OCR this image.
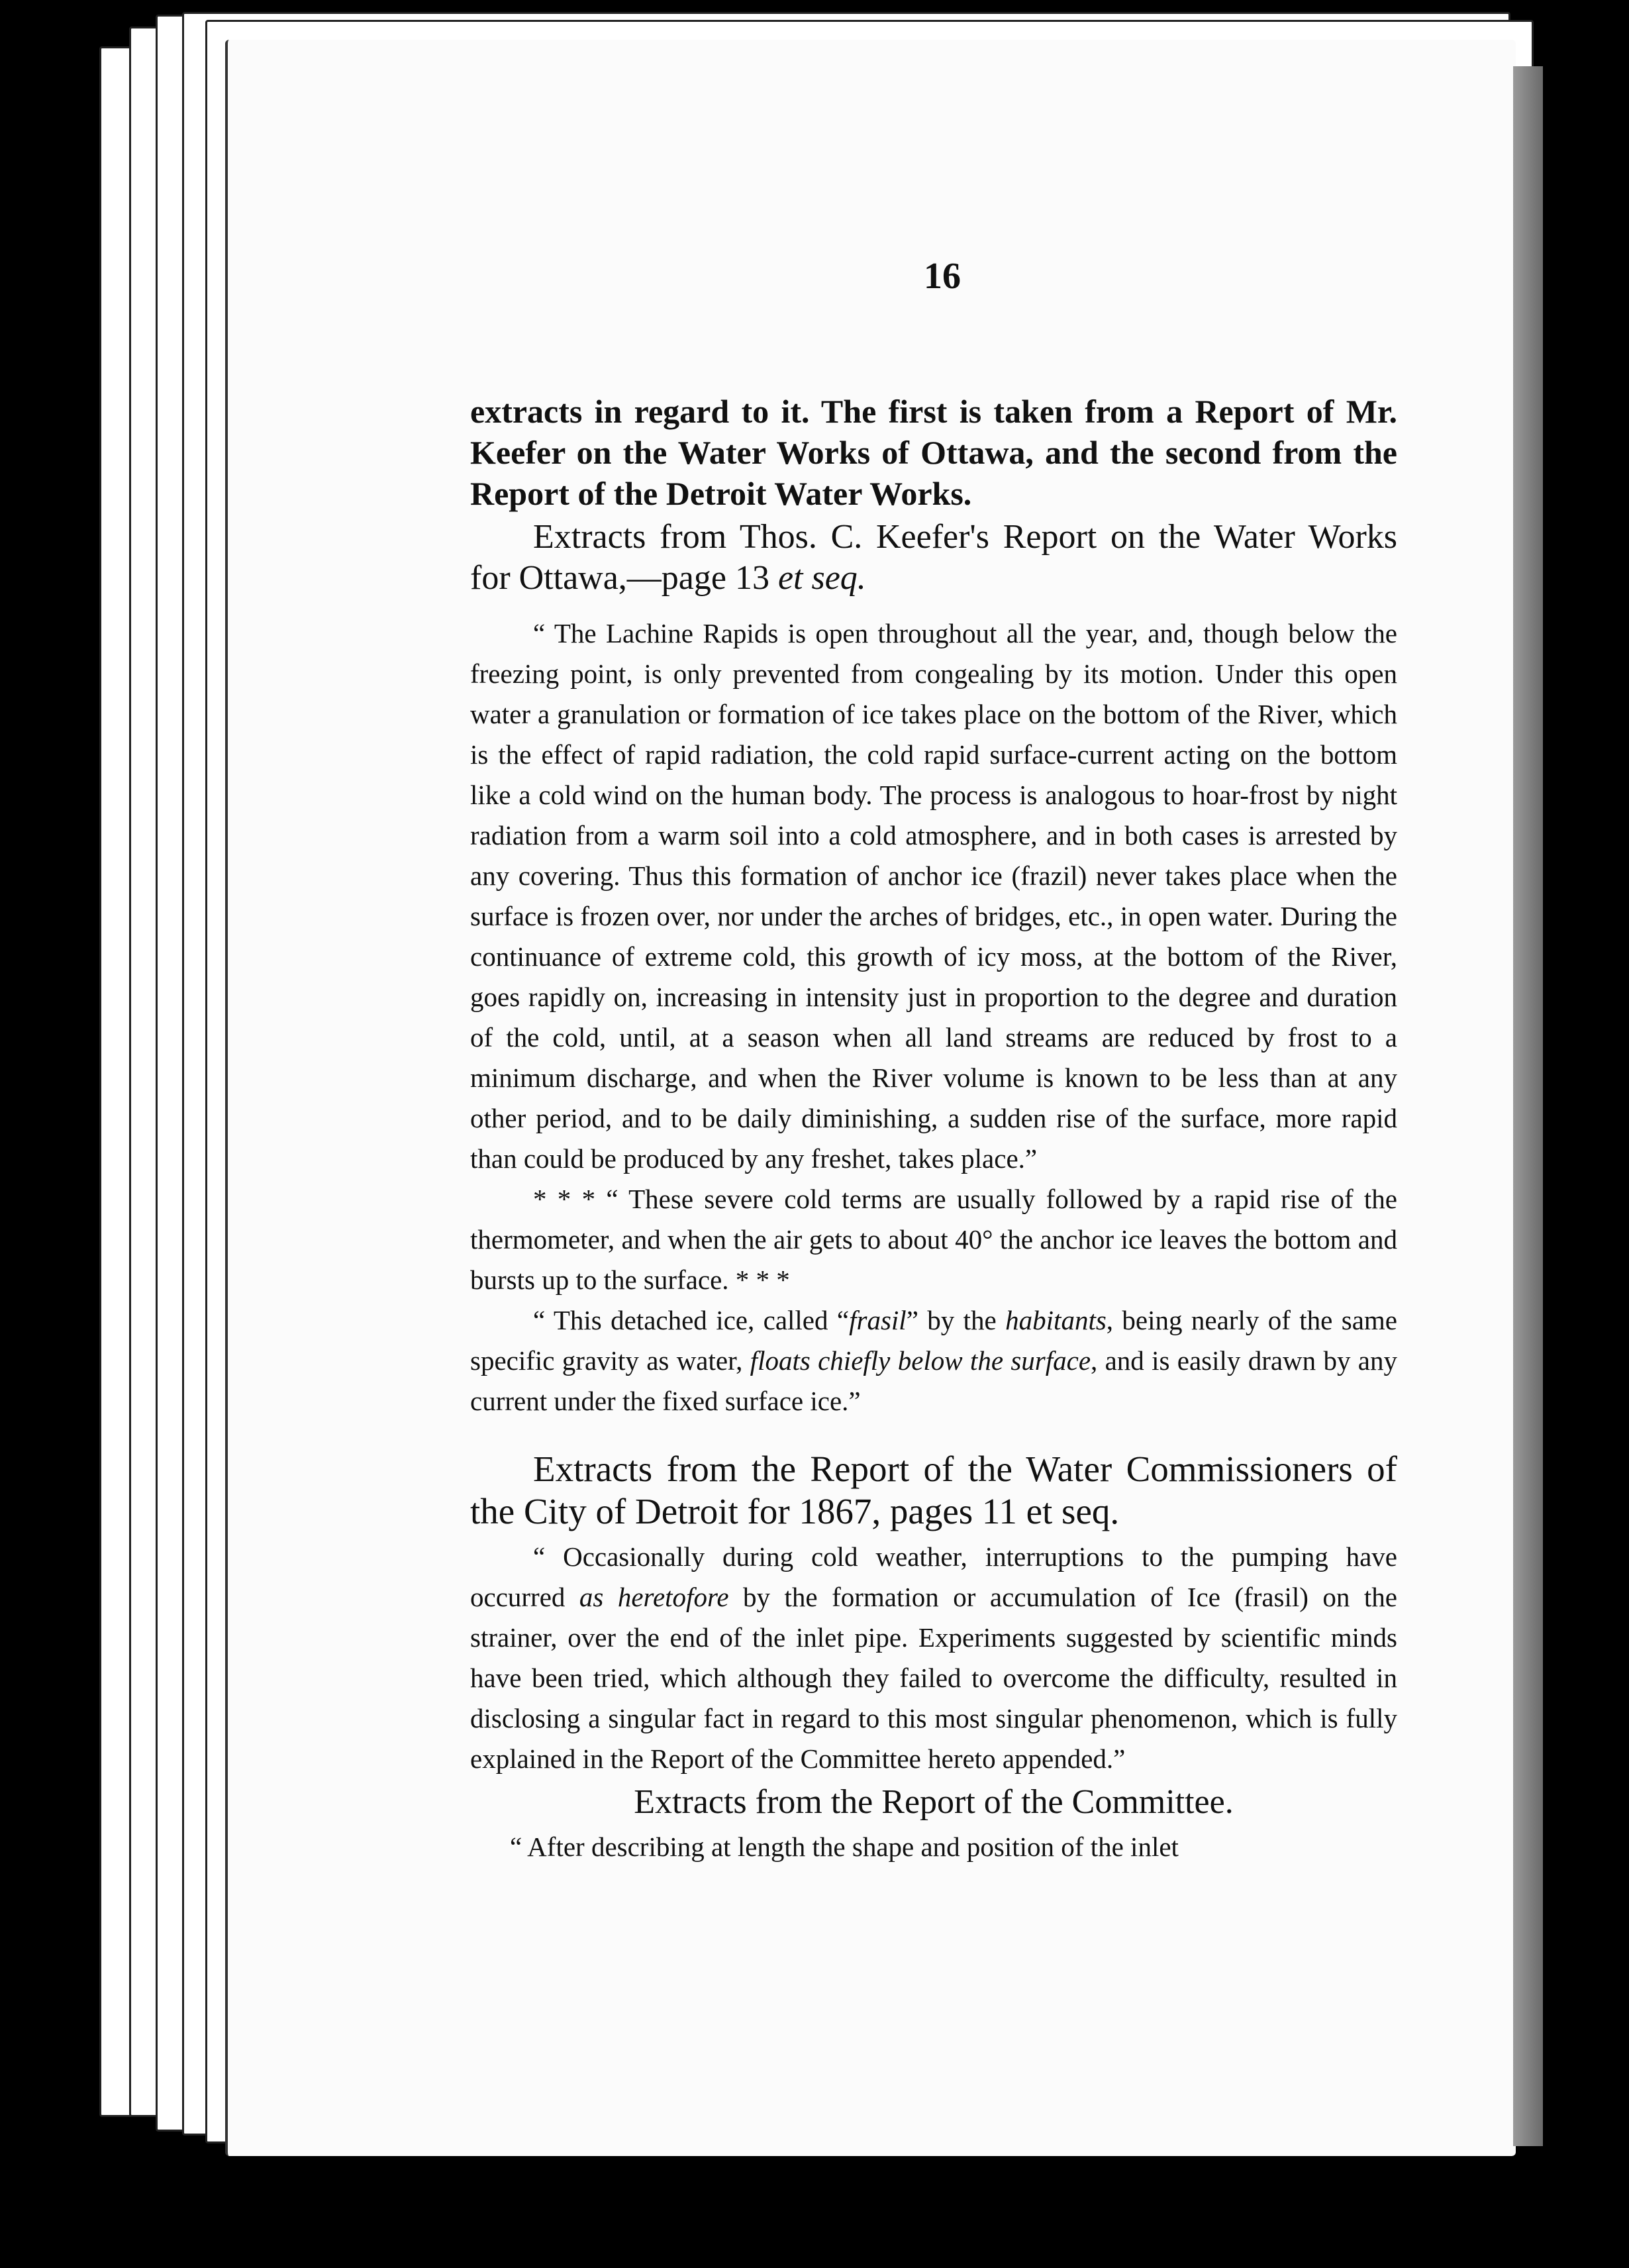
16

extracts in regard to it. The first is taken from a Report of Mr. Keefer on the Water Works of Ottawa, and the second from the Report of the Detroit Water Works.

Extracts from Thos. C. Keefer's Report on the Water Works for Ottawa,—page 13 et seq.

“ The Lachine Rapids is open throughout all the year, and, though below the freezing point, is only prevented from congealing by its motion. Under this open water a granulation or formation of ice takes place on the bottom of the River, which is the effect of rapid radiation, the cold rapid surface-current acting on the bottom like a cold wind on the human body. The process is analogous to hoar-frost by night radiation from a warm soil into a cold atmosphere, and in both cases is arrested by any covering. Thus this formation of anchor ice (frazil) never takes place when the surface is frozen over, nor under the arches of bridges, etc., in open water. During the continuance of extreme cold, this growth of icy moss, at the bottom of the River, goes rapidly on, increasing in intensity just in proportion to the degree and duration of the cold, until, at a season when all land streams are reduced by frost to a minimum discharge, and when the River volume is known to be less than at any other period, and to be daily diminishing, a sudden rise of the surface, more rapid than could be produced by any freshet, takes place.”

* * * “ These severe cold terms are usually followed by a rapid rise of the thermometer, and when the air gets to about 40° the anchor ice leaves the bottom and bursts up to the surface. * * *

“ This detached ice, called “frasil” by the habitants, being nearly of the same specific gravity as water, floats chiefly below the surface, and is easily drawn by any current under the fixed surface ice.”

Extracts from the Report of the Water Commissioners of the City of Detroit for 1867, pages 11 et seq.

“ Occasionally during cold weather, interruptions to the pumping have occurred as heretofore by the formation or accumulation of Ice (frasil) on the strainer, over the end of the inlet pipe. Experiments suggested by scientific minds have been tried, which although they failed to overcome the difficulty, resulted in disclosing a singular fact in regard to this most singular phenomenon, which is fully explained in the Report of the Committee hereto appended.”

Extracts from the Report of the Committee.

“ After describing at length the shape and position of the inlet
